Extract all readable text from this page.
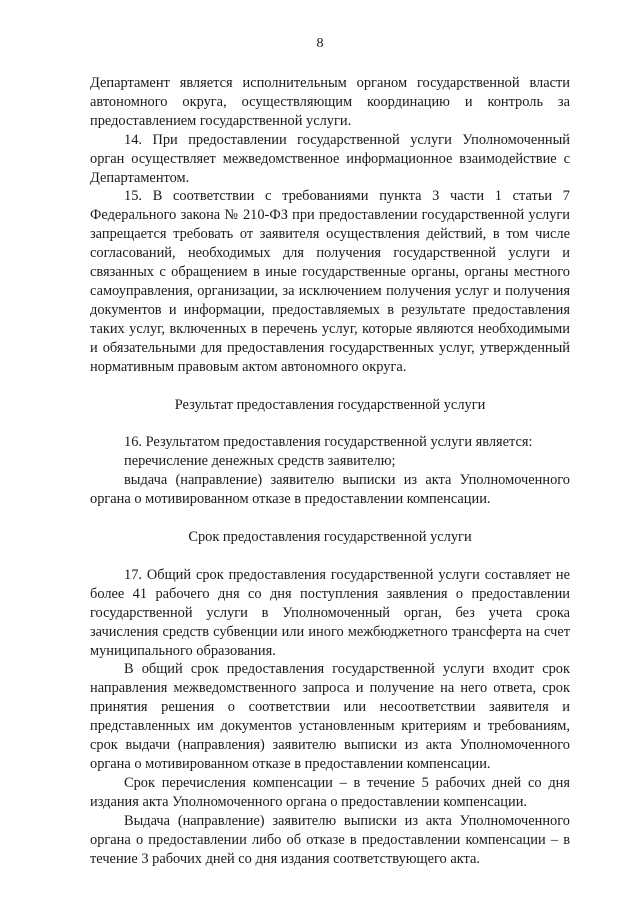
8

Департамент является исполнительным органом государственной власти автономного округа, осуществляющим координацию и контроль за предоставлением государственной услуги.

14. При предоставлении государственной услуги Уполномоченный орган осуществляет межведомственное информационное взаимодействие с Департаментом.

15. В соответствии с требованиями пункта 3 части 1 статьи 7 Федерального закона № 210-ФЗ при предоставлении государственной услуги запрещается требовать от заявителя осуществления действий, в том числе согласований, необходимых для получения государственной услуги и связанных с обращением в иные государственные органы, органы местного самоуправления, организации, за исключением получения услуг и получения документов и информации, предоставляемых в результате предоставления таких услуг, включенных в перечень услуг, которые являются необходимыми и обязательными для предоставления государственных услуг, утвержденный нормативным правовым актом автономного округа.

Результат предоставления государственной услуги

16. Результатом предоставления государственной услуги является:

перечисление денежных средств заявителю;

выдача (направление) заявителю выписки из акта Уполномоченного органа о мотивированном отказе в предоставлении компенсации.

Срок предоставления государственной услуги

17. Общий срок предоставления государственной услуги составляет не более 41 рабочего дня со дня поступления заявления о предоставлении государственной услуги в Уполномоченный орган, без учета срока зачисления средств субвенции или иного межбюджетного трансферта на счет муниципального образования.

В общий срок предоставления государственной услуги входит срок направления межведомственного запроса и получение на него ответа, срок принятия решения о соответствии или несоответствии заявителя и представленных им документов установленным критериям и требованиям, срок выдачи (направления) заявителю выписки из акта Уполномоченного органа о мотивированном отказе в предоставлении компенсации.

Срок перечисления компенсации – в течение 5 рабочих дней со дня издания акта Уполномоченного органа о предоставлении компенсации.

Выдача (направление) заявителю выписки из акта Уполномоченного органа о предоставлении либо об отказе в предоставлении компенсации – в течение 3 рабочих дней со дня издания соответствующего акта.
